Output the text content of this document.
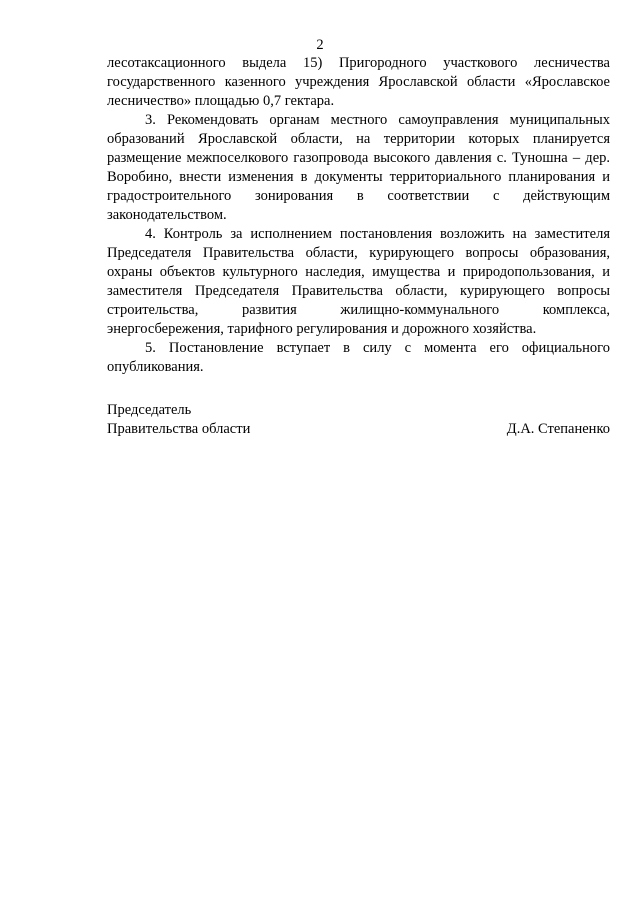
2

лесотаксационного выдела 15) Пригородного участкового лесничества государственного казенного учреждения Ярославской области «Ярославское лесничество» площадью 0,7 гектара.

3. Рекомендовать органам местного самоуправления муниципальных образований Ярославской области, на территории которых планируется размещение межпоселкового газопровода высокого давления с. Туношна – дер. Воробино, внести изменения в документы территориального планирования и градостроительного зонирования в соответствии с действующим законодательством.

4. Контроль за исполнением постановления возложить на заместителя Председателя Правительства области, курирующего вопросы образования, охраны объектов культурного наследия, имущества и природопользования, и заместителя Председателя Правительства области, курирующего вопросы строительства, развития жилищно-коммунального комплекса, энергосбережения, тарифного регулирования и дорожного хозяйства.

5. Постановление вступает в силу с момента его официального опубликования.

Председатель
Правительства области	Д.А. Степаненко
